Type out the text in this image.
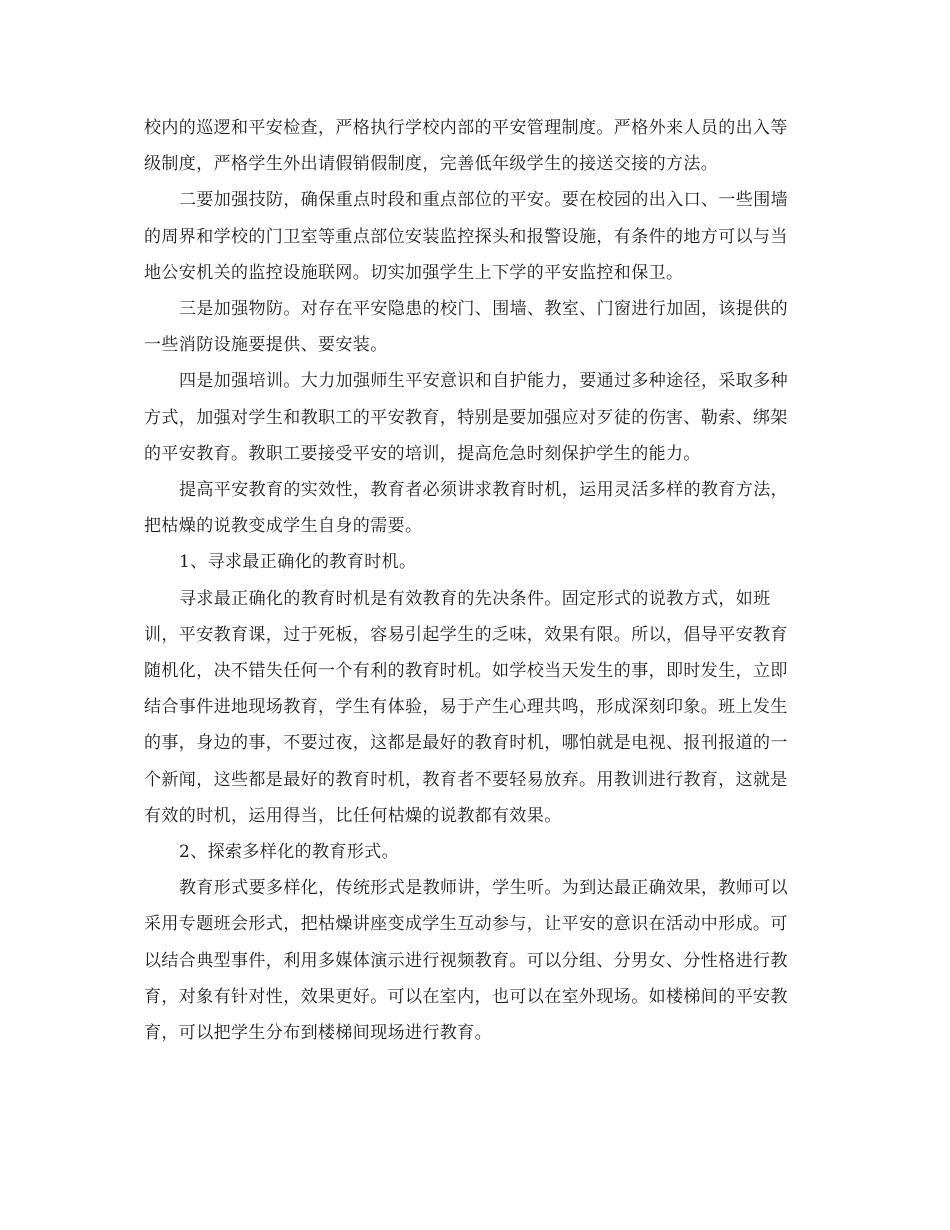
校内的巡逻和平安检查，严格执行学校内部的平安管理制度。严格外来人员的出入等级制度，严格学生外出请假销假制度，完善低年级学生的接送交接的方法。

二要加强技防，确保重点时段和重点部位的平安。要在校园的出入口、一些围墙的周界和学校的门卫室等重点部位安装监控探头和报警设施，有条件的地方可以与当地公安机关的监控设施联网。切实加强学生上下学的平安监控和保卫。

三是加强物防。对存在平安隐患的校门、围墙、教室、门窗进行加固，该提供的一些消防设施要提供、要安装。

四是加强培训。大力加强师生平安意识和自护能力，要通过多种途径，采取多种方式，加强对学生和教职工的平安教育，特别是要加强应对歹徒的伤害、勒索、绑架的平安教育。教职工要接受平安的培训，提高危急时刻保护学生的能力。

提高平安教育的实效性，教育者必须讲求教育时机，运用灵活多样的教育方法，把枯燥的说教变成学生自身的需要。

1、寻求最正确化的教育时机。

寻求最正确化的教育时机是有效教育的先决条件。固定形式的说教方式，如班训，平安教育课，过于死板，容易引起学生的乏味，效果有限。所以，倡导平安教育随机化，决不错失任何一个有利的教育时机。如学校当天发生的事，即时发生，立即结合事件进地现场教育，学生有体验，易于产生心理共鸣，形成深刻印象。班上发生的事，身边的事，不要过夜，这都是最好的教育时机，哪怕就是电视、报刊报道的一个新闻，这些都是最好的教育时机，教育者不要轻易放弃。用教训进行教育，这就是有效的时机，运用得当，比任何枯燥的说教都有效果。

2、探索多样化的教育形式。

教育形式要多样化，传统形式是教师讲，学生听。为到达最正确效果，教师可以采用专题班会形式，把枯燥讲座变成学生互动参与，让平安的意识在活动中形成。可以结合典型事件，利用多媒体演示进行视频教育。可以分组、分男女、分性格进行教育，对象有针对性，效果更好。可以在室内，也可以在室外现场。如楼梯间的平安教育，可以把学生分布到楼梯间现场进行教育。
